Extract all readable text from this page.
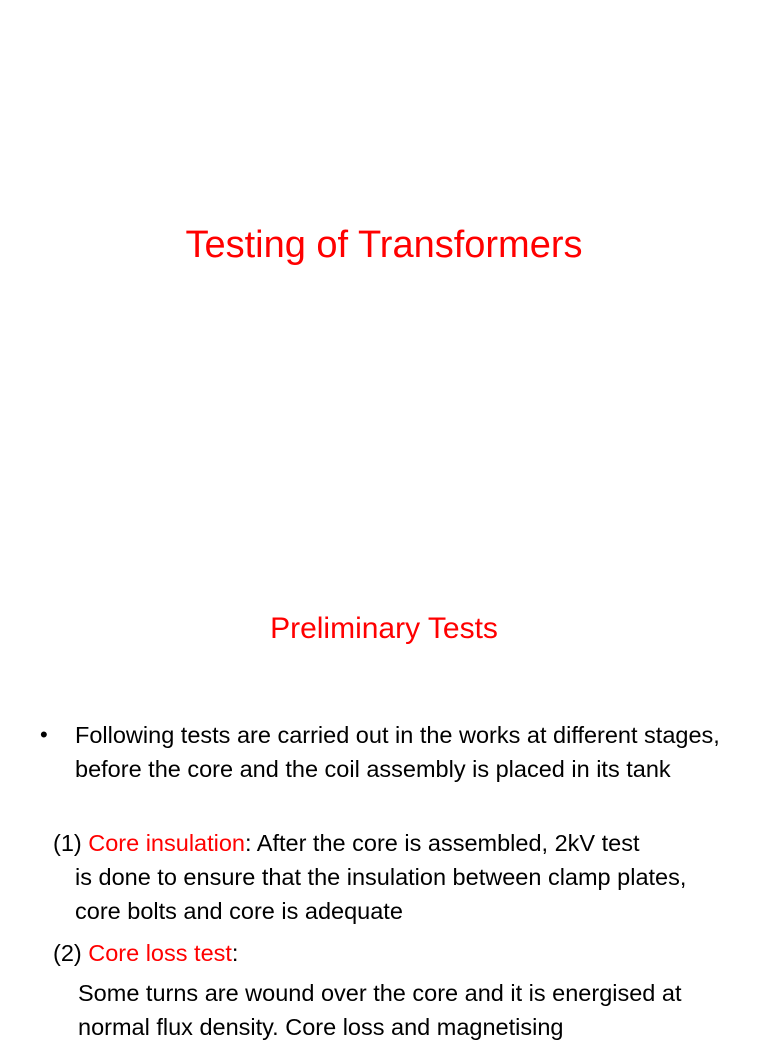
Testing of Transformers
Preliminary Tests
• Following tests are carried out in the works at different stages, before the core and the coil assembly is placed in its tank
(1) Core insulation: After the core is assembled, 2kV test
is done to ensure that the insulation between clamp plates, core bolts and core is adequate
(2) Core loss test:
Some turns are wound over the core and it is energised at normal flux density. Core loss and magnetising
